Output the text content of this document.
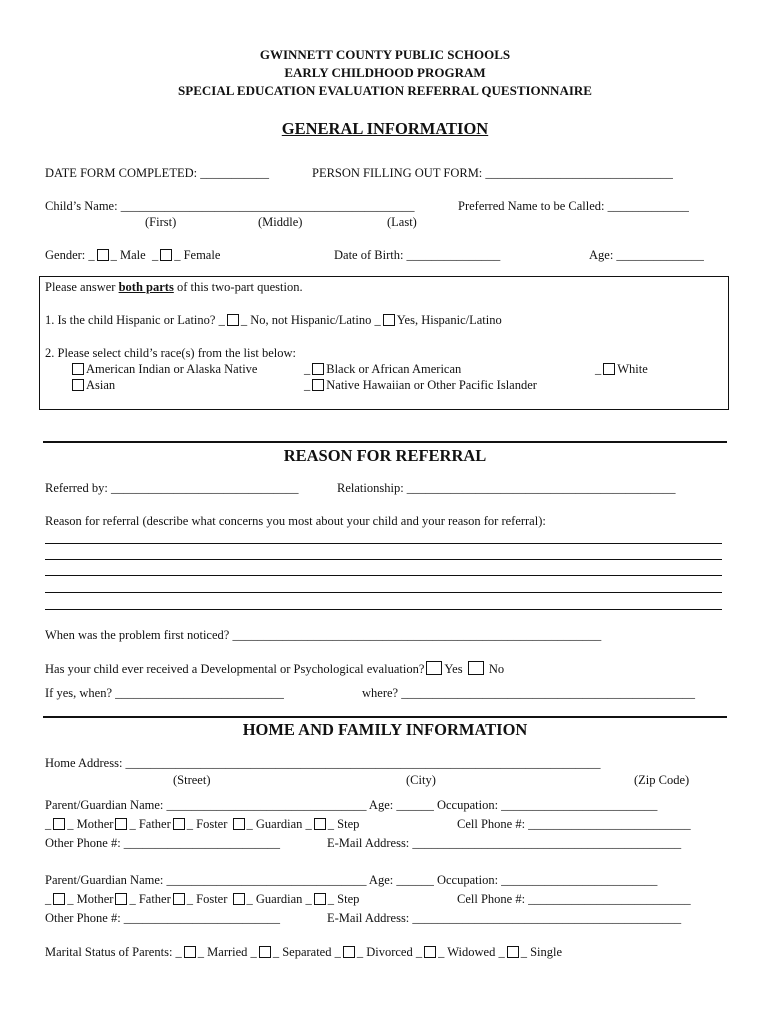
GWINNETT COUNTY PUBLIC SCHOOLS
EARLY CHILDHOOD PROGRAM
SPECIAL EDUCATION EVALUATION REFERRAL QUESTIONNAIRE
GENERAL INFORMATION
DATE FORM COMPLETED: ___________	PERSON FILLING OUT FORM: ______________________________
Child’s Name: _______________________________________________	Preferred Name to be Called: _____________
(First)	(Middle)	(Last)
Gender: _ _ Male  _ _ Female	Date of Birth: _______________	Age: ______________
Please answer both parts of this two-part question.
1. Is the child Hispanic or Latino? _ _ No, not Hispanic/Latino _ Yes, Hispanic/Latino
2. Please select child’s race(s) from the list below:
American Indian or Alaska Native	_ Black or African American	_ White
Asian	_ Native Hawaiian or Other Pacific Islander
REASON FOR REFERRAL
Referred by: ______________________________	Relationship: ___________________________________________
Reason for referral (describe what concerns you most about your child and your reason for referral):
When was the problem first noticed? ___________________________________________________________
Has your child ever received a Developmental or Psychological evaluation? Yes No
If yes, when? ___________________________	where? _______________________________________________
HOME AND FAMILY INFORMATION
Home Address: ____________________________________________________________________________
(Street)	(City)	(Zip Code)
Parent/Guardian Name: ________________________________ Age: ______ Occupation: _________________________
_ _ Mother _ Father _ Foster _ Guardian _ _ Step	Cell Phone #: __________________________
Other Phone #: _________________________	E-Mail Address: ___________________________________________
Parent/Guardian Name: ________________________________ Age: ______ Occupation: _________________________
_ _ Mother _ Father _ Foster _ Guardian _ _ Step	Cell Phone #: __________________________
Other Phone #: _________________________	E-Mail Address: ___________________________________________
Marital Status of Parents: _ _ Married _ _ Separated _ _ Divorced _ _ Widowed _ _ Single
